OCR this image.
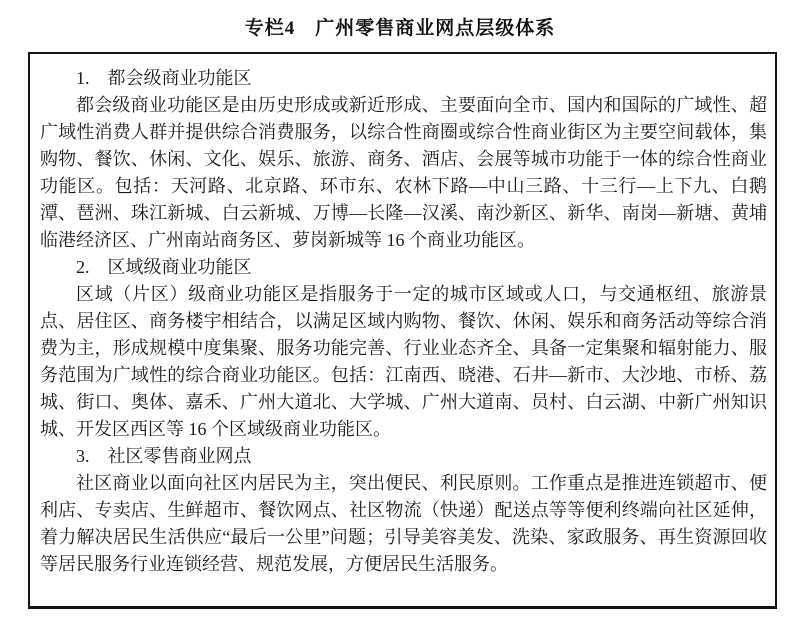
专栏4　广州零售商业网点层级体系

1.　都会级商业功能区

都会级商业功能区是由历史形成或新近形成、主要面向全市、国内和国际的广域性、超广域性消费人群并提供综合消费服务，以综合性商圈或综合性商业街区为主要空间载体，集购物、餐饮、休闲、文化、娱乐、旅游、商务、酒店、会展等城市功能于一体的综合性商业功能区。包括：天河路、北京路、环市东、农林下路—中山三路、十三行—上下九、白鹅潭、琶洲、珠江新城、白云新城、万博—长隆—汉溪、南沙新区、新华、南岗—新塘、黄埔临港经济区、广州南站商务区、萝岗新城等 16 个商业功能区。

2.　区域级商业功能区

区域（片区）级商业功能区是指服务于一定的城市区域或人口，与交通枢纽、旅游景点、居住区、商务楼宇相结合，以满足区域内购物、餐饮、休闲、娱乐和商务活动等综合消费为主，形成规模中度集聚、服务功能完善、行业业态齐全、具备一定集聚和辐射能力、服务范围为广域性的综合商业功能区。包括：江南西、晓港、石井—新市、大沙地、市桥、荔城、街口、奥体、嘉禾、广州大道北、大学城、广州大道南、员村、白云湖、中新广州知识城、开发区西区等 16 个区域级商业功能区。

3.　社区零售商业网点

社区商业以面向社区内居民为主，突出便民、利民原则。工作重点是推进连锁超市、便利店、专卖店、生鲜超市、餐饮网点、社区物流（快递）配送点等等便利终端向社区延伸，着力解决居民生活供应“最后一公里”问题；引导美容美发、洗染、家政服务、再生资源回收等居民服务行业连锁经营、规范发展，方便居民生活服务。
